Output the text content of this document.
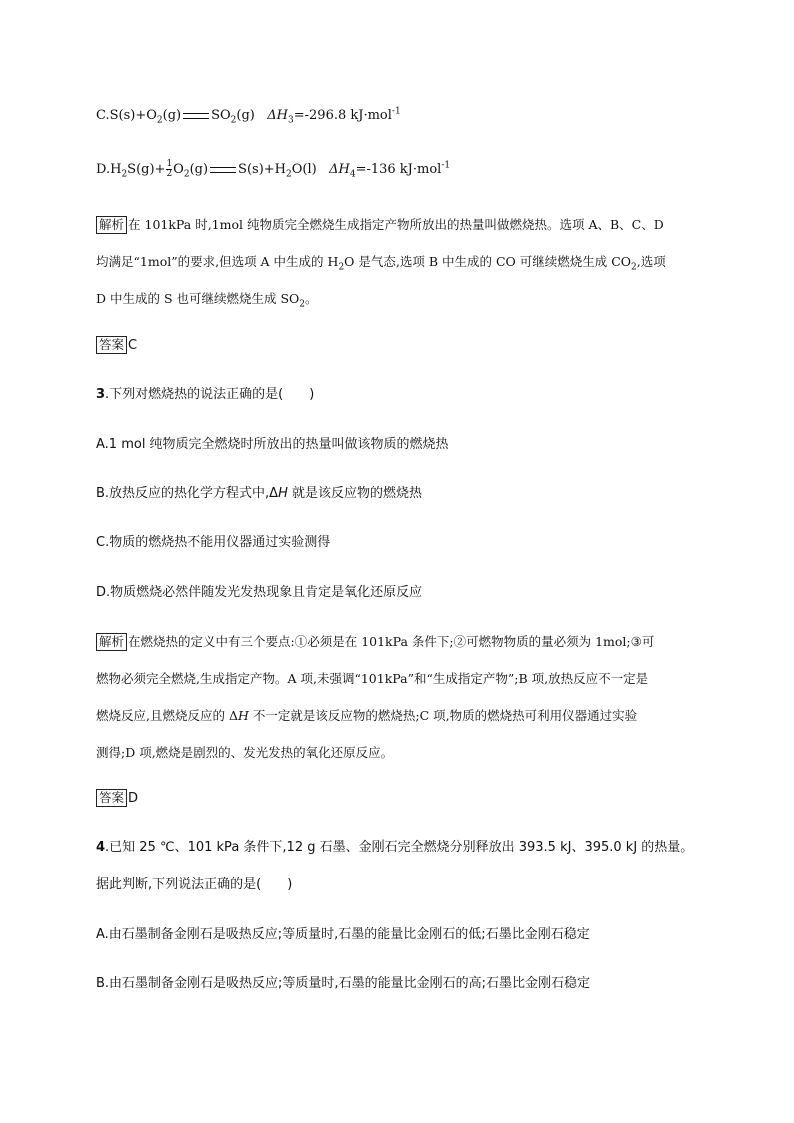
$C.S(s)+O_2(g)$ $SO_2(g)$ $\Delta H_3=-296.8$ kJ·mol$^{-1}$
$D.H_2S(g)+ \frac{1}{2} O_2(g)$ $S(s)+H_2O(l)$ $\Delta H_4=-136$ kJ·mol$^{-1}$

解析 在 101kPa 时,1mol 纯物质完全燃烧生成指定产物所放出的热量叫做燃烧热。选项 A、B、C、D

均满足“1mol”的要求,但选项 A 中生成的 $H_2O$ 是气态,选项 B 中生成的 CO 可继续燃烧生成 $CO_2$,选项

D 中生成的 S 也可继续燃烧生成 $SO_2$。

答案 C
3.下列对燃烧热的说法正确的是(　　)
A.1 mol 纯物质完全燃烧时所放出的热量叫做该物质的燃烧热
B.放热反应的热化学方程式中,ΔH 就是该反应物的燃烧热
C.物质的燃烧热不能用仪器通过实验测得
D.物质燃烧必然伴随发光发热现象且肯定是氧化还原反应

解析 在燃烧热的定义中有三个要点:①必须是在 101kPa 条件下;②可燃物物质的量必须为 1mol;③可

燃物必须完全燃烧,生成指定产物。A 项,未强调“101kPa”和“生成指定产物”;B 项,放热反应不一定是

燃烧反应,且燃烧反应的 ΔH 不一定就是该反应物的燃烧热;C 项,物质的燃烧热可利用仪器通过实验

测得;D 项,燃烧是剧烈的、发光发热的氧化还原反应。

答案 D
4.已知 25 ℃、101 kPa 条件下,12 g 石墨、金刚石完全燃烧分别释放出 393.5 kJ、395.0 kJ 的热量。
据此判断,下列说法正确的是(　　)
A.由石墨制备金刚石是吸热反应;等质量时,石墨的能量比金刚石的低;石墨比金刚石稳定
B.由石墨制备金刚石是吸热反应;等质量时,石墨的能量比金刚石的高;石墨比金刚石稳定
